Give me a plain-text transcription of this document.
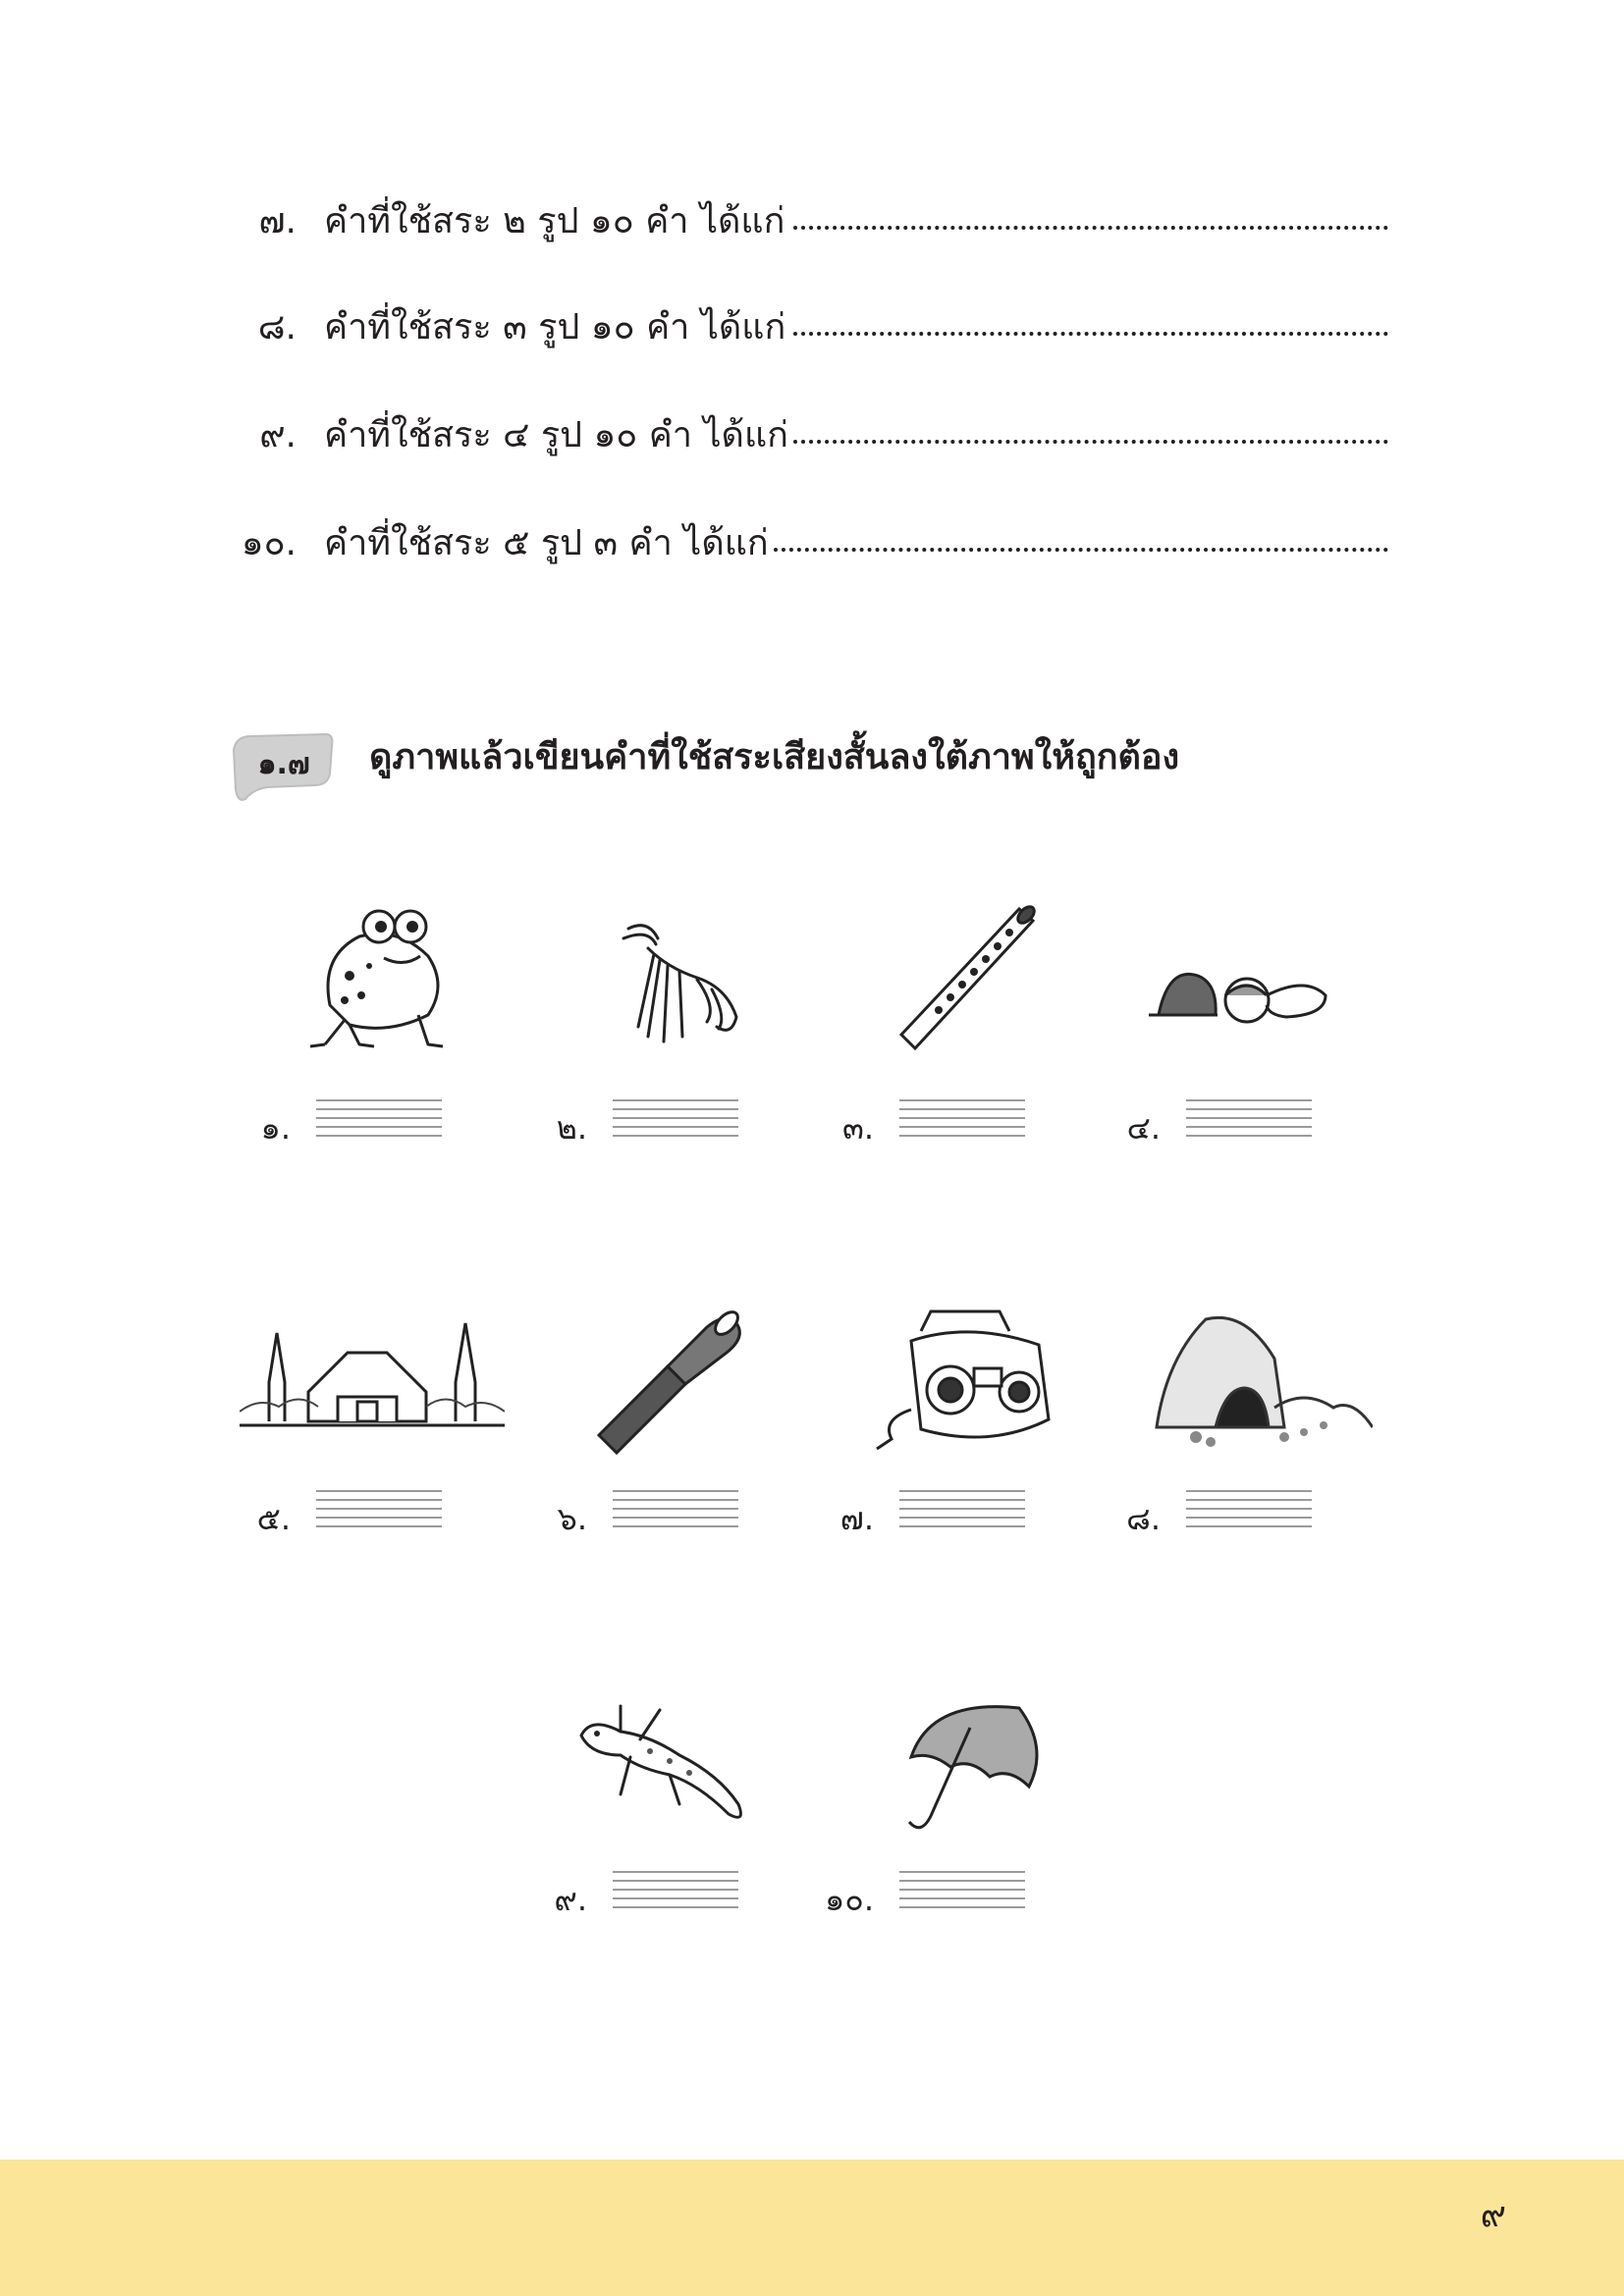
๗. คำที่ใช้สระ ๒ รูป ๑๐ คำ ได้แก่
๘. คำที่ใช้สระ ๓ รูป ๑๐ คำ ได้แก่
๙. คำที่ใช้สระ ๔ รูป ๑๐ คำ ได้แก่
๑๐. คำที่ใช้สระ ๕ รูป ๓ คำ ได้แก่
๑.๗	ดูภาพแล้วเขียนคำที่ใช้สระเสียงสั้นลงใต้ภาพให้ถูกต้อง
๑.	๒.	๓.	๔.
๕.	๖.	๗.	๘.
๙.	๑๐.
๙
